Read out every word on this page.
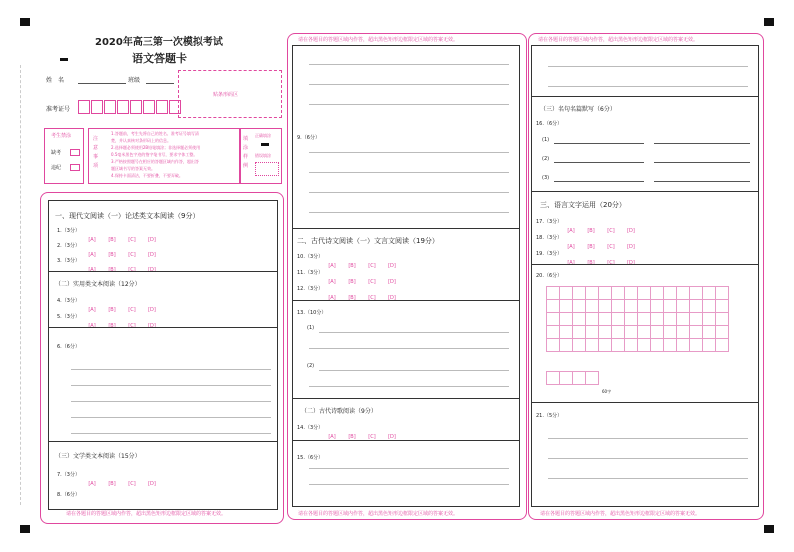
2020年高三第一次模拟考试
语文答题卡
姓　名	班级
准考证号
贴条形码区
考生禁涂
缺考
违纪
注意事项
1.答题前，考生先将自己的姓名、准考证号填写清
楚，并认真核对条形码上的信息。
2.选择题必须使用2B铅笔填涂；非选择题必须使用
0.5毫米黑色字迹的签字笔书写，要求字体工整。
3.严格按照题号在相应的答题区域内作答，超出答
题区域书写的答案无效。
4.保持卡面清洁，不要折叠，不要弄破。
填涂样例
正确填涂
错误填涂
一、现代文阅读（一）论述类文本阅读（9分）
1.（3分）
[A]	[B]	[C] [D]
2.（3分）
[A]	[B]	[C] [D]
3.（3分）
[A]	[B]	[C] [D]
（二）实用类文本阅读（12分）
4.（3分）
[A]	[B]	[C] [D]
5.（3分）
[A]	[B]	[C] [D]
6.（6分）
（三）文学类文本阅读（15分）
7.（3分）
[A]	[B]	[C] [D]
8.（6分）
请在各题目的答题区域内作答，超出黑色矩形边框限定区域的答案无效。
请在各题目的答题区域内作答，超出黑色矩形边框限定区域的答案无效。
9.（6分）
二、古代诗文阅读（一）文言文阅读（19分）
10.（3分）
[A]	[B]	[C] [D]
11.（3分）
[A]	[B]	[C] [D]
12.（3分）
[A]	[B]	[C] [D]
13.（10分）
(1)
(2)
（二）古代诗歌阅读（9分）
14.（3分）
[A]	[B]	[C] [D]
15.（6分）
请在各题目的答题区域内作答，超出黑色矩形边框限定区域的答案无效。
请在各题目的答题区域内作答，超出黑色矩形边框限定区域的答案无效。
（三）名句名篇默写（6分）
16.（6分）
(1)
(2)
(3)
三、语言文字运用（20分）
17.（3分）
[A]	[B]	[C] [D]
18.（3分）
[A]	[B]	[C] [D]
19.（3分）
[A]	[B]	[C] [D]
20.（6分）

60字
21.（5分）
请在各题目的答题区域内作答，超出黑色矩形边框限定区域的答案无效。
